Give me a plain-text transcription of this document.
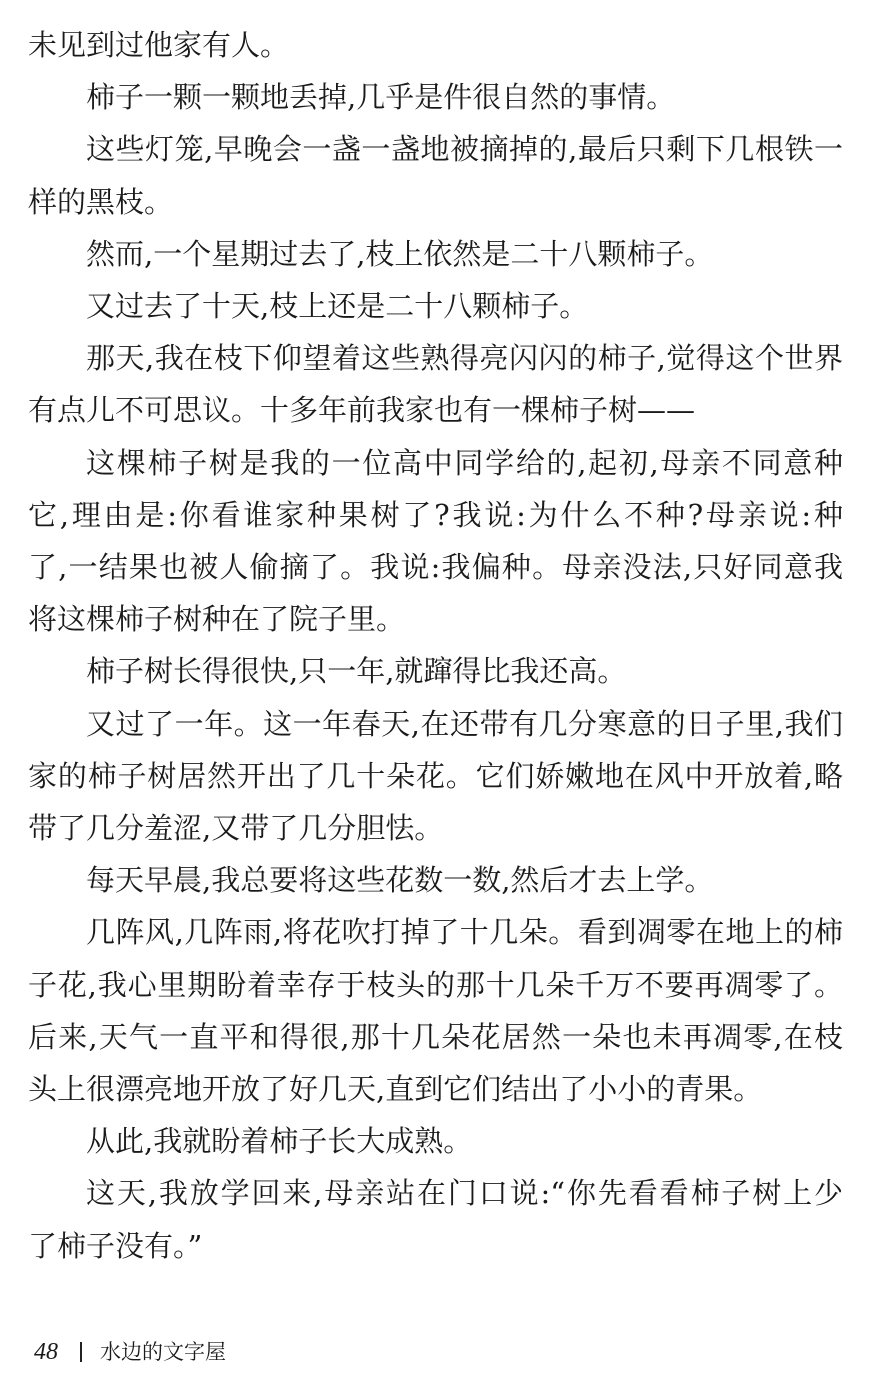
未见到过他家有人。
柿子一颗一颗地丢掉,几乎是件很自然的事情。
这些灯笼,早晚会一盏一盏地被摘掉的,最后只剩下几根铁一
样的黑枝。
然而,一个星期过去了,枝上依然是二十八颗柿子。
又过去了十天,枝上还是二十八颗柿子。
那天,我在枝下仰望着这些熟得亮闪闪的柿子,觉得这个世界
有点儿不可思议。十多年前我家也有一棵柿子树——
这棵柿子树是我的一位高中同学给的,起初,母亲不同意种
它,理由是:你看谁家种果树了?我说:为什么不种?母亲说:种
了,一结果也被人偷摘了。我说:我偏种。母亲没法,只好同意我
将这棵柿子树种在了院子里。
柿子树长得很快,只一年,就蹿得比我还高。
又过了一年。这一年春天,在还带有几分寒意的日子里,我们
家的柿子树居然开出了几十朵花。它们娇嫩地在风中开放着,略
带了几分羞涩,又带了几分胆怯。
每天早晨,我总要将这些花数一数,然后才去上学。
几阵风,几阵雨,将花吹打掉了十几朵。看到凋零在地上的柿
子花,我心里期盼着幸存于枝头的那十几朵千万不要再凋零了。
后来,天气一直平和得很,那十几朵花居然一朵也未再凋零,在枝
头上很漂亮地开放了好几天,直到它们结出了小小的青果。
从此,我就盼着柿子长大成熟。
这天,我放学回来,母亲站在门口说:“你先看看柿子树上少
了柿子没有。”
48 水边的文字屋
